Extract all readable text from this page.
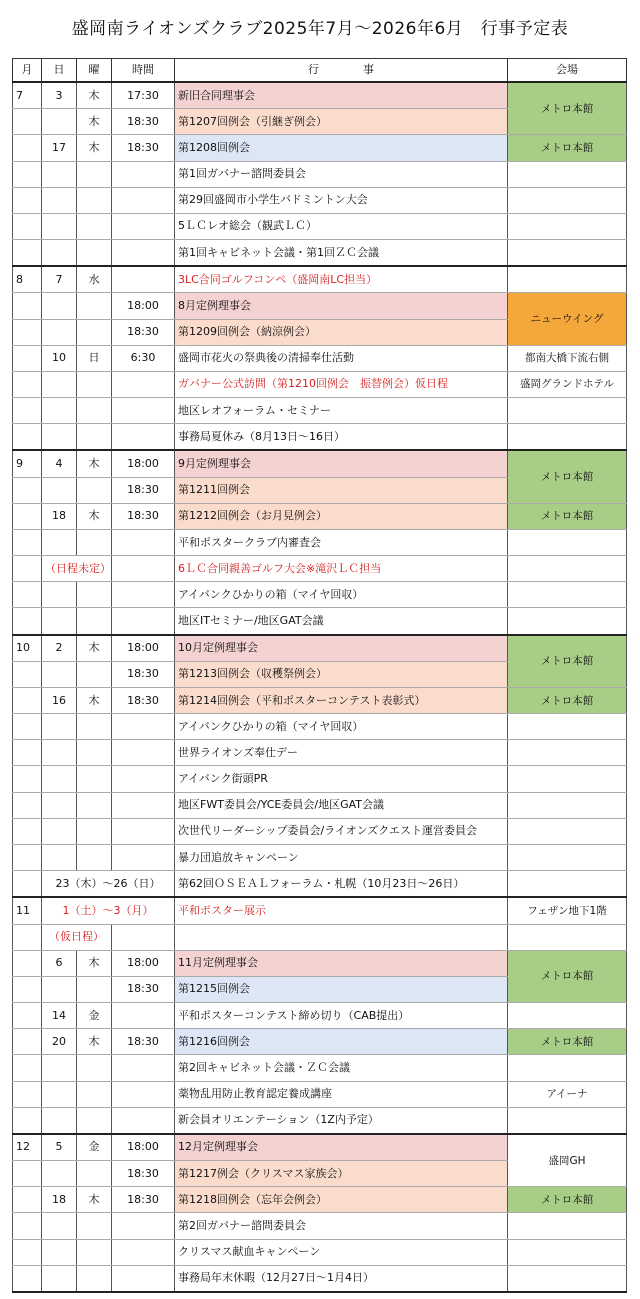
盛岡南ライオンズクラブ2025年7月～2026年6月　行事予定表
月	日	曜	時間	行　　　　事	会場
7	3	木	17:30	新旧合同理事会	メトロ本館
		木	18:30	第1207回例会（引継ぎ例会）	
	17	木	18:30	第1208回例会	メトロ本館
				第1回ガバナー諮問委員会	
				第29回盛岡市小学生バドミントン大会	
				5ＬＣレオ総会（観武ＬＣ）	
				第1回キャビネット会議・第1回ＺＣ会議	
8	7	水		3LC合同ゴルフコンペ（盛岡南LC担当）	
			18:00	8月定例理事会	ニューウイング
			18:30	第1209回例会（納涼例会）	
	10	日	6:30	盛岡市花火の祭典後の清掃奉仕活動	都南大橋下流右側
				ガバナー公式訪問（第1210回例会　振替例会）仮日程	盛岡グランドホテル
				地区レオフォーラム・セミナー	
				事務局夏休み（8月13日～16日）	
9	4	木	18:00	9月定例理事会	メトロ本館
			18:30	第1211回例会	
	18	木	18:30	第1212回例会（お月見例会）	メトロ本館
				平和ポスタークラブ内審査会	
	（日程未定）			6ＬＣ合同親善ゴルフ大会※滝沢ＬＣ担当	
				アイバンクひかりの箱（マイヤ回収）	
				地区ITセミナー/地区GAT会議	
10	2	木	18:00	10月定例理事会	メトロ本館
			18:30	第1213回例会（収穫祭例会）	
	16	木	18:30	第1214回例会（平和ポスターコンテスト表彰式）	メトロ本館
				アイバンクひかりの箱（マイヤ回収）	
				世界ライオンズ奉仕デー	
				アイバンク街頭PR	
				地区FWT委員会/YCE委員会/地区GAT会議	
				次世代リーダーシップ委員会/ライオンズクエスト運営委員会	
				暴力団追放キャンペーン	
	23（木）～26（日）			第62回ＯＳＥＡＬフォーラム・札幌（10月23日～26日）	
11	1（土）～3（月）			平和ポスター展示	フェザン地下1階
	（仮日程）				
	6	木	18:00	11月定例理事会	メトロ本館
			18:30	第1215回例会	
	14	金		平和ポスターコンテスト締め切り（CAB提出）	
	20	木	18:30	第1216回例会	メトロ本館
				第2回キャビネット会議・ＺＣ会議	
				薬物乱用防止教育認定養成講座	アイーナ
				新会員オリエンテーション（1Z内予定）	
12	5	金	18:00	12月定例理事会	盛岡GH
			18:30	第1217例会（クリスマス家族会）	
	18	木	18:30	第1218回例会（忘年会例会）	メトロ本館
				第2回ガバナー諮問委員会	
				クリスマス献血キャンペーン	
				事務局年末休暇（12月27日～1月4日）	
